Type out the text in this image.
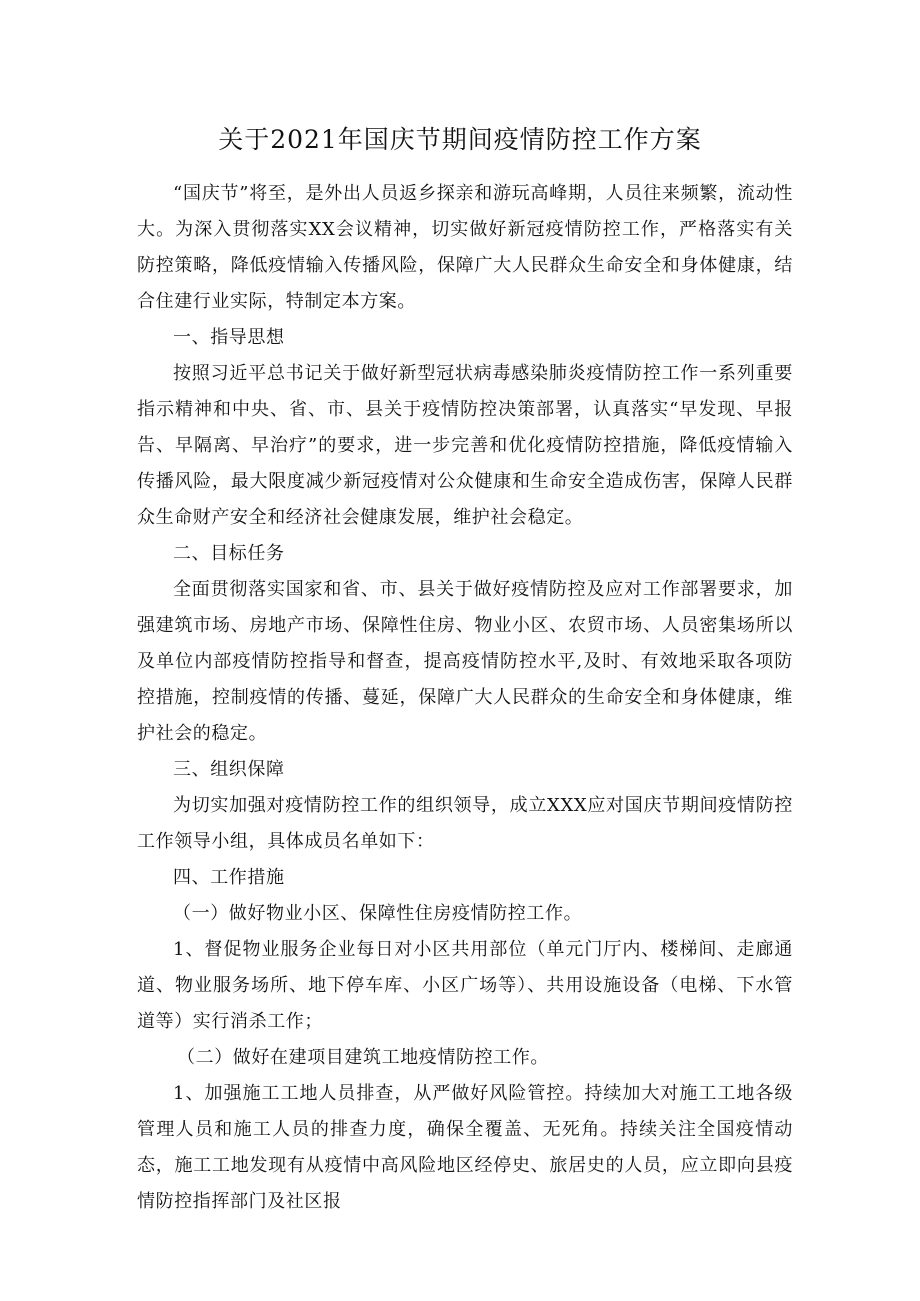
关于2021年国庆节期间疫情防控工作方案

“国庆节”将至，是外出人员返乡探亲和游玩高峰期，人员往来频繁，流动性大。为深入贯彻落实XX会议精神，切实做好新冠疫情防控工作，严格落实有关防控策略，降低疫情输入传播风险，保障广大人民群众生命安全和身体健康，结合住建行业实际，特制定本方案。

一、指导思想

按照习近平总书记关于做好新型冠状病毒感染肺炎疫情防控工作一系列重要指示精神和中央、省、市、县关于疫情防控决策部署，认真落实“早发现、早报告、早隔离、早治疗”的要求，进一步完善和优化疫情防控措施，降低疫情输入传播风险，最大限度减少新冠疫情对公众健康和生命安全造成伤害，保障人民群众生命财产安全和经济社会健康发展，维护社会稳定。

二、目标任务

全面贯彻落实国家和省、市、县关于做好疫情防控及应对工作部署要求，加强建筑市场、房地产市场、保障性住房、物业小区、农贸市场、人员密集场所以及单位内部疫情防控指导和督查，提高疫情防控水平,及时、有效地采取各项防控措施，控制疫情的传播、蔓延，保障广大人民群众的生命安全和身体健康，维护社会的稳定。

三、组织保障

为切实加强对疫情防控工作的组织领导，成立XXX应对国庆节期间疫情防控工作领导小组，具体成员名单如下：

四、工作措施

（一）做好物业小区、保障性住房疫情防控工作。

1、督促物业服务企业每日对小区共用部位（单元门厅内、楼梯间、走廊通道、物业服务场所、地下停车库、小区广场等）、共用设施设备（电梯、下水管道等）实行消杀工作；

（二）做好在建项目建筑工地疫情防控工作。

1、加强施工工地人员排查，从严做好风险管控。持续加大对施工工地各级管理人员和施工人员的排查力度，确保全覆盖、无死角。持续关注全国疫情动态，施工工地发现有从疫情中高风险地区经停史、旅居史的人员，应立即向县疫情防控指挥部门及社区报
